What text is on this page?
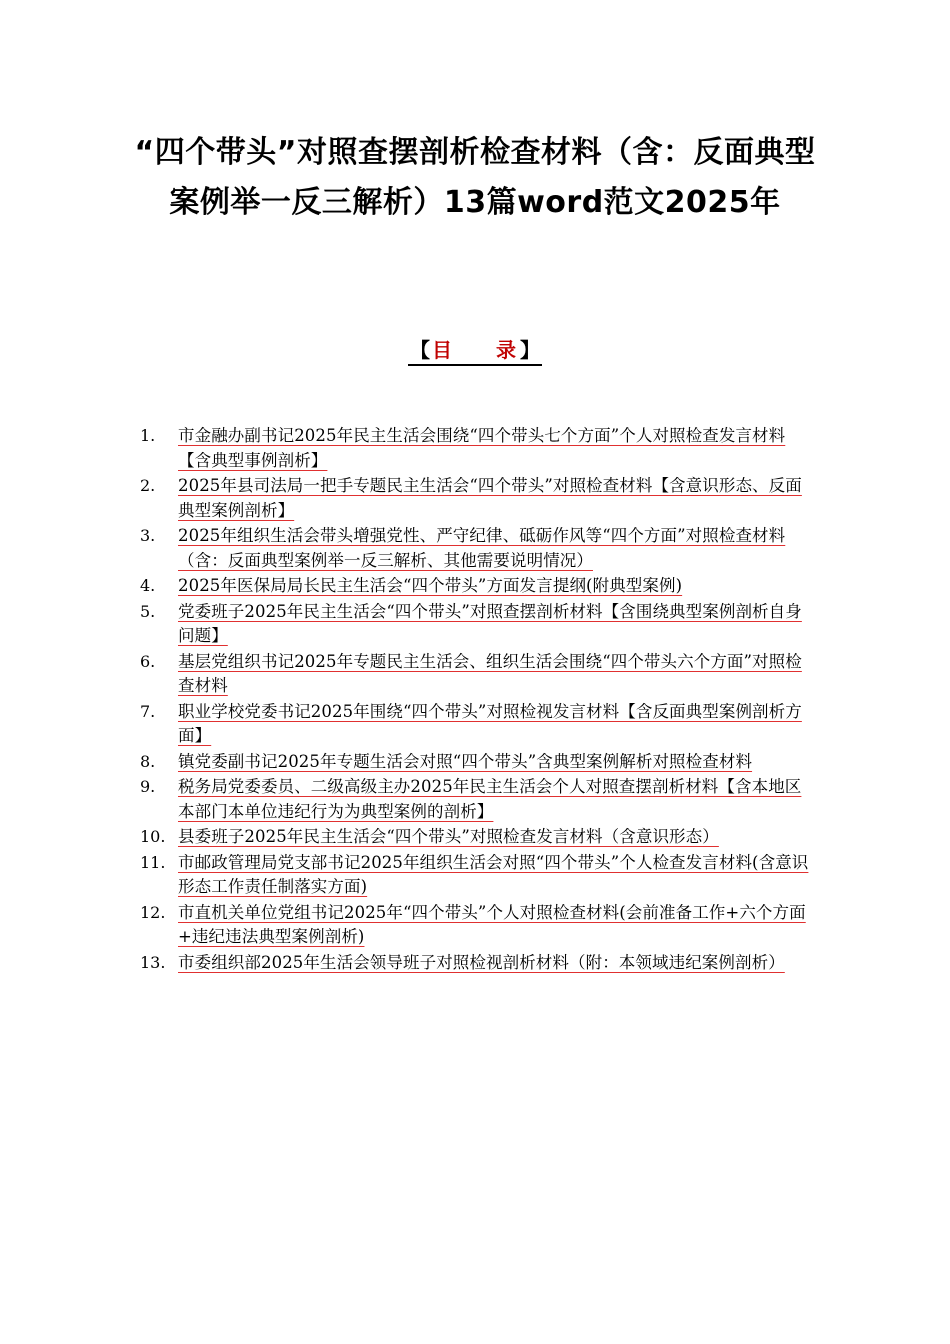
“四个带头”对照查摆剖析检查材料（含：反面典型
案例举一反三解析）13篇word范文2025年
【 目 录 】
1.	市金融办副书记2025年民主生活会围绕“四个带头七个方面”个人对照检查发言材料【含典型事例剖析】
2.	2025年县司法局一把手专题民主生活会“四个带头”对照检查材料【含意识形态、反面典型案例剖析】
3.	2025年组织生活会带头增强党性、严守纪律、砥砺作风等“四个方面”对照检查材料（含：反面典型案例举一反三解析、其他需要说明情况）
4.	2025年医保局局长民主生活会“四个带头”方面发言提纲(附典型案例)
5.	党委班子2025年民主生活会“四个带头”对照查摆剖析材料【含围绕典型案例剖析自身问题】
6.	基层党组织书记2025年专题民主生活会、组织生活会围绕“四个带头六个方面”对照检查材料
7.	职业学校党委书记2025年围绕“四个带头”对照检视发言材料【含反面典型案例剖析方面】
8.	镇党委副书记2025年专题生活会对照“四个带头”含典型案例解析对照检查材料
9.	税务局党委委员、二级高级主办2025年民主生活会个人对照查摆剖析材料【含本地区本部门本单位违纪行为为典型案例的剖析】
10. 县委班子2025年民主生活会“四个带头”对照检查发言材料（含意识形态）
11. 市邮政管理局党支部书记2025年组织生活会对照“四个带头”个人检查发言材料(含意识形态工作责任制落实方面)
12. 市直机关单位党组书记2025年“四个带头”个人对照检查材料(会前准备工作+六个方面+违纪违法典型案例剖析)
13. 市委组织部2025年生活会领导班子对照检视剖析材料（附：本领域违纪案例剖析）
